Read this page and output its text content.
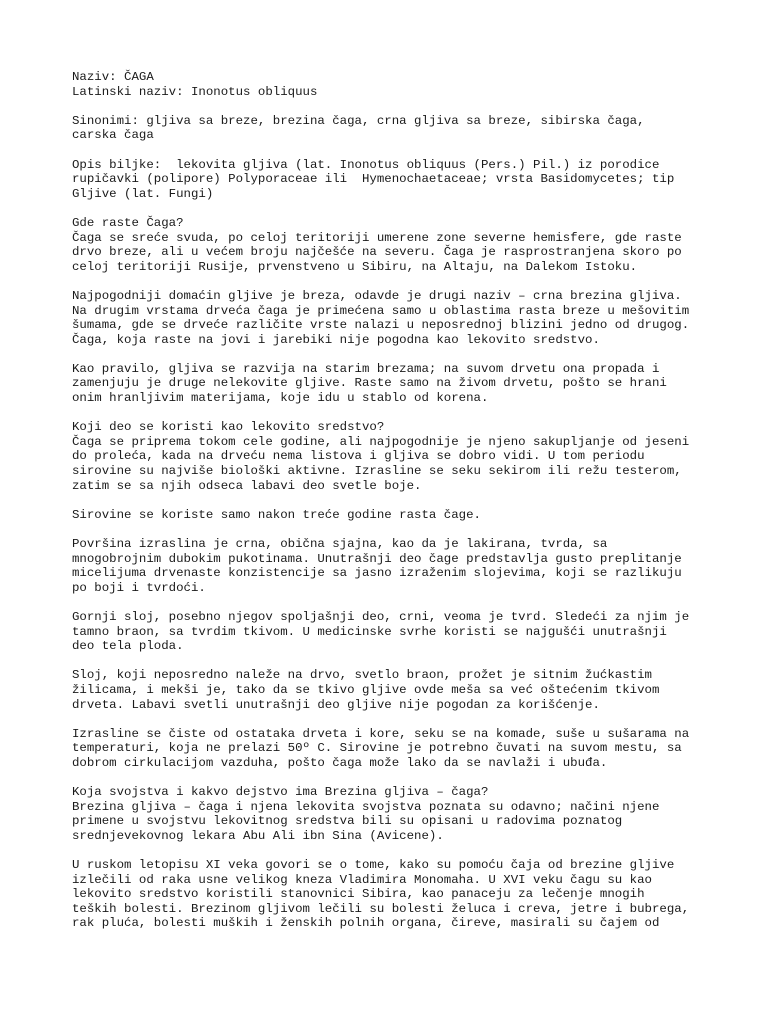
Naziv: ČAGA
Latinski naziv: Inonotus obliquus
Sinonimi: gljiva sa breze, brezina čaga, crna gljiva sa breze, sibirska čaga,
carska čaga
Opis biljke:  lekovita gljiva (lat. Inonotus obliquus (Pers.) Pil.) iz porodice
rupičavki (polipore) Polyporaceae ili  Hymenochaetaceae; vrsta Basidomycetes; tip
Gljive (lat. Fungi)
Gde raste Čaga?
Čaga se sreće svuda, po celoj teritoriji umerene zone severne hemisfere, gde raste
drvo breze, ali u većem broju najčešće na severu. Čaga je rasprostranjena skoro po
celoj teritoriji Rusije, prvenstveno u Sibiru, na Altaju, na Dalekom Istoku.
Najpogodniji domaćin gljive je breza, odavde je drugi naziv – crna brezina gljiva.
Na drugim vrstama drveća čaga je primećena samo u oblastima rasta breze u mešovitim
šumama, gde se drveće različite vrste nalazi u neposrednoj blizini jedno od drugog.
Čaga, koja raste na jovi i jarebiki nije pogodna kao lekovito sredstvo.
Kao pravilo, gljiva se razvija na starim brezama; na suvom drvetu ona propada i
zamenjuju je druge nelekovite gljive. Raste samo na živom drvetu, pošto se hrani
onim hranljivim materijama, koje idu u stablo od korena.
Koji deo se koristi kao lekovito sredstvo?
Čaga se priprema tokom cele godine, ali najpogodnije je njeno sakupljanje od jeseni
do proleća, kada na drveću nema listova i gljiva se dobro vidi. U tom periodu
sirovine su najviše biološki aktivne. Izrasline se seku sekirom ili režu testerom,
zatim se sa njih odseca labavi deo svetle boje.
Sirovine se koriste samo nakon treće godine rasta čage.
Površina izraslina je crna, obična sjajna, kao da je lakirana, tvrda, sa
mnogobrojnim dubokim pukotinama. Unutrašnji deo čage predstavlja gusto preplitanje
micelijuma drvenaste konzistencije sa jasno izraženim slojevima, koji se razlikuju
po boji i tvrdoći.
Gornji sloj, posebno njegov spoljašnji deo, crni, veoma je tvrd. Sledeći za njim je
tamno braon, sa tvrdim tkivom. U medicinske svrhe koristi se najgušći unutrašnji
deo tela ploda.
Sloj, koji neposredno naleže na drvo, svetlo braon, prožet je sitnim žućkastim
žilicama, i mekši je, tako da se tkivo gljive ovde meša sa već oštećenim tkivom
drveta. Labavi svetli unutrašnji deo gljive nije pogodan za korišćenje.
Izrasline se čiste od ostataka drveta i kore, seku se na komade, suše u sušarama na
temperaturi, koja ne prelazi 50º C. Sirovine je potrebno čuvati na suvom mestu, sa
dobrom cirkulacijom vazduha, pošto čaga može lako da se navlaži i ubuđa.
Koja svojstva i kakvo dejstvo ima Brezina gljiva – čaga?
Brezina gljiva – čaga i njena lekovita svojstva poznata su odavno; načini njene
primene u svojstvu lekovitnog sredstva bili su opisani u radovima poznatog
srednjevekovnog lekara Abu Ali ibn Sina (Avicene).
U ruskom letopisu XI veka govori se o tome, kako su pomoću čaja od brezine gljive
izlečili od raka usne velikog kneza Vladimira Monomaha. U XVI veku čagu su kao
lekovito sredstvo koristili stanovnici Sibira, kao panaceju za lečenje mnogih
teških bolesti. Brezinom gljivom lečili su bolesti želuca i creva, jetre i bubrega,
rak pluća, bolesti muških i ženskih polnih organa, čireve, masirali su čajem od
